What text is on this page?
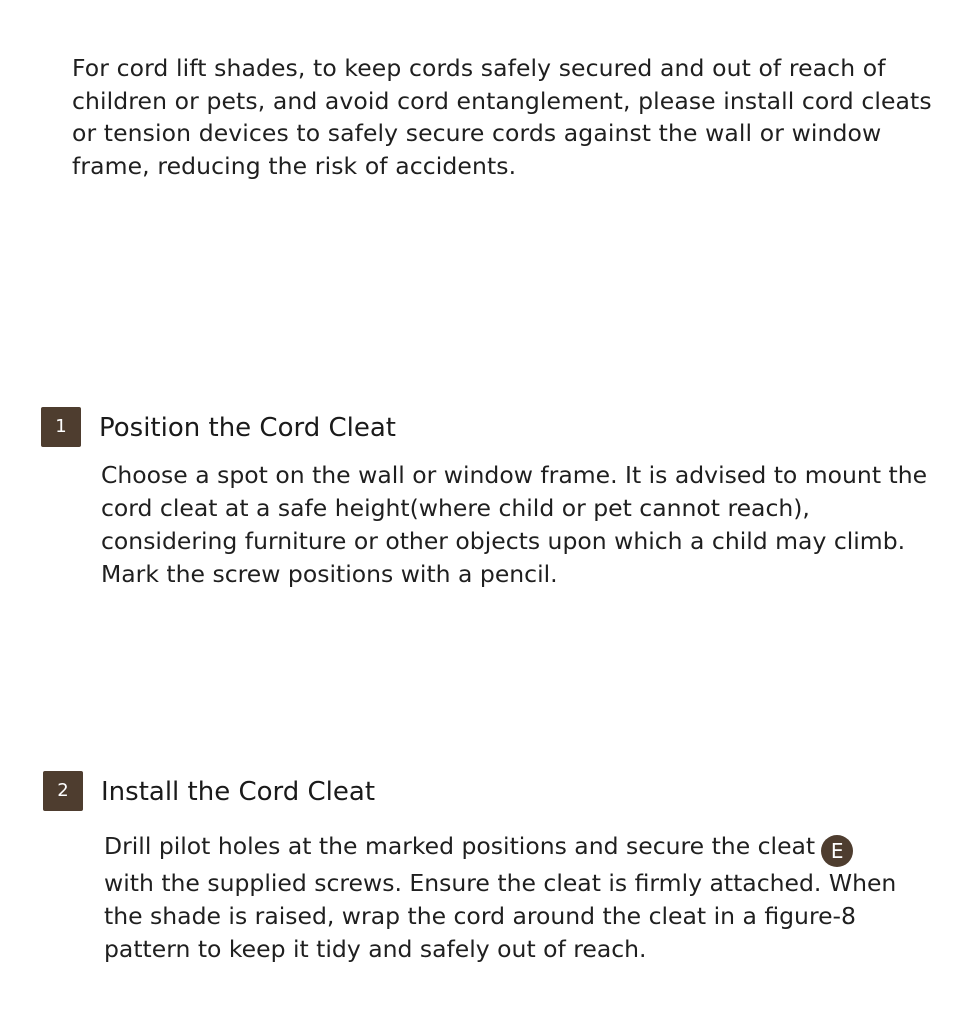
For cord lift shades, to keep cords safely secured and out of reach of children or pets, and avoid cord entanglement, please install cord cleats or tension devices to safely secure cords against the wall or window frame, reducing the risk of accidents.

1	Position the Cord Cleat

Choose a spot on the wall or window frame. It is advised to mount the cord cleat at a safe height(where child or pet cannot reach), considering furniture or other objects upon which a child may climb. Mark the screw positions with a pencil.

2	Install the Cord Cleat

Drill pilot holes at the marked positions and secure the cleat E with the supplied screws. Ensure the cleat is firmly attached. When the shade is raised, wrap the cord around the cleat in a figure-8 pattern to keep it tidy and safely out of reach.
